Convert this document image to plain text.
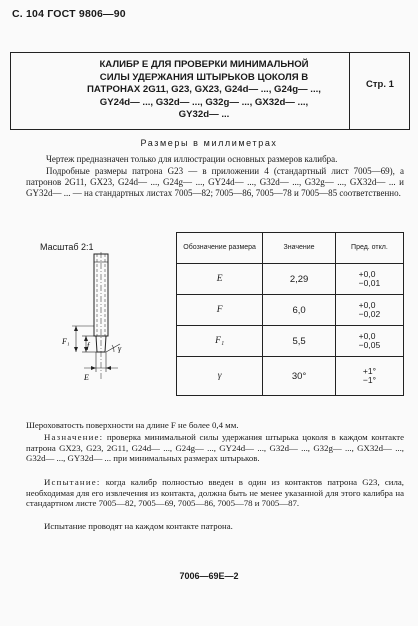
С. 104 ГОСТ 9806—90
КАЛИБР Е ДЛЯ ПРОВЕРКИ МИНИМАЛЬНОЙ
СИЛЫ УДЕРЖАНИЯ ШТЫРЬКОВ ЦОКОЛЯ В
ПАТРОНАХ 2G11, G23, GX23, G24d— ..., G24g— ...,
GY24d— ..., G32d— ..., G32g— ..., GX32d— ...,
GY32d— ...
Стр. 1
Размеры в миллиметрах
Чертеж предназначен только для иллюстрации основных размеров калибра.
Подробные размеры патрона G23 — в приложении 4 (стандартный лист 7005—69), а патронов 2G11, GX23, G24d— ..., G24g— ..., GY24d— ..., G32d— ..., G32g— ..., GX32d— ... и GY32d— ... — на стандартных листах 7005—82; 7005—86, 7005—78 и 7005—85 соответственно.
Масштаб 2:1
f
F₁
γ
E
Обозначение размера	Значение	Пред. откл.
E	2,29	+0,0
−0,01
F	6,0	+0,0
−0,02
F₁	5,5	+0,0
−0,05
γ	30°	+1°
−1°
Шероховатость поверхности на длине F не более 0,4 мм.
Назначение: проверка минимальной силы удержания штырька цоколя в каждом контакте патрона GX23, G23, 2G11, G24d— ..., G24g— ..., GY24d— ..., G32d— ..., G32g— ..., GX32d— ..., G32d— ..., GY32d— ... при минимальных размерах штырьков.
Испытание: когда калибр полностью введен в один из контактов патрона G23, сила, необходимая для его извлечения из контакта, должна быть не менее указанной для этого калибра на стандартном листе 7005—82, 7005—69, 7005—86, 7005—78 и 7005—87.
Испытание проводят на каждом контакте патрона.
7006—69Е—2
